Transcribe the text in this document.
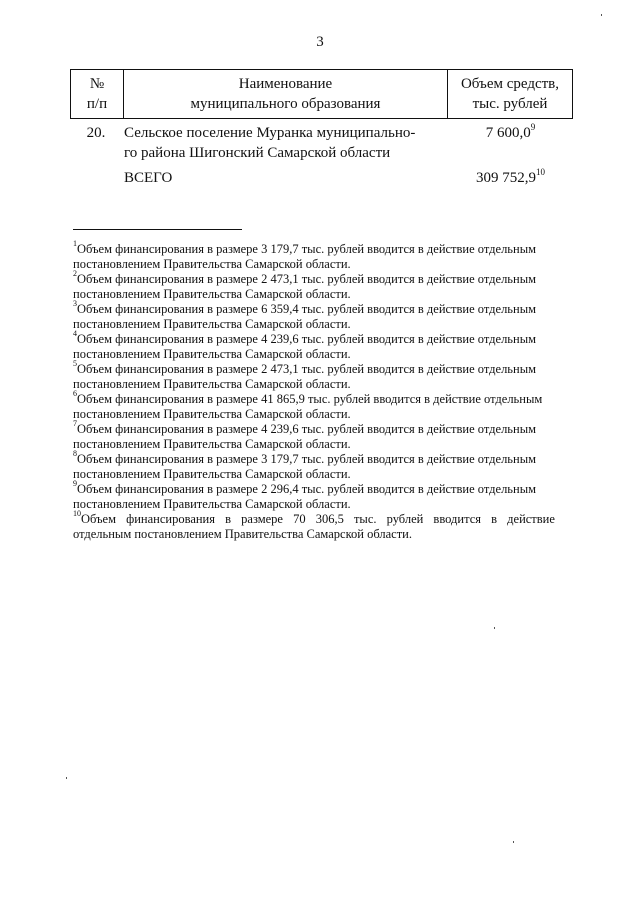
3
№
п/п
Наименование
муниципального образования
Объем средств,
тыс. рублей
20.	Сельское поселение Муранка муниципально-
го района Шигонский Самарской области
7 600,0$^9$
ВСЕГО	309 752,9$^{10}$

$^1$Объем финансирования в размере 3 179,7 тыс. рублей вводится в действие отдельным
постановлением Правительства Самарской области.

$^2$Объем финансирования в размере 2 473,1 тыс. рублей вводится в действие отдельным
постановлением Правительства Самарской области.

$^3$Объем финансирования в размере 6 359,4 тыс. рублей вводится в действие отдельным
постановлением Правительства Самарской области.

$^4$Объем финансирования в размере 4 239,6 тыс. рублей вводится в действие отдельным
постановлением Правительства Самарской области.

$^5$Объем финансирования в размере 2 473,1 тыс. рублей вводится в действие отдельным
постановлением Правительства Самарской области.

$^6$Объем финансирования в размере 41 865,9 тыс. рублей вводится в действие отдельным
постановлением Правительства Самарской области.

$^7$Объем финансирования в размере 4 239,6 тыс. рублей вводится в действие отдельным
постановлением Правительства Самарской области.

$^8$Объем финансирования в размере 3 179,7 тыс. рублей вводится в действие отдельным
постановлением Правительства Самарской области.

$^9$Объем финансирования в размере 2 296,4 тыс. рублей вводится в действие отдельным
постановлением Правительства Самарской области.

$^{10}$Объем финансирования в размере 70 306,5 тыс. рублей вводится в действие
отдельным постановлением Правительства Самарской области.
